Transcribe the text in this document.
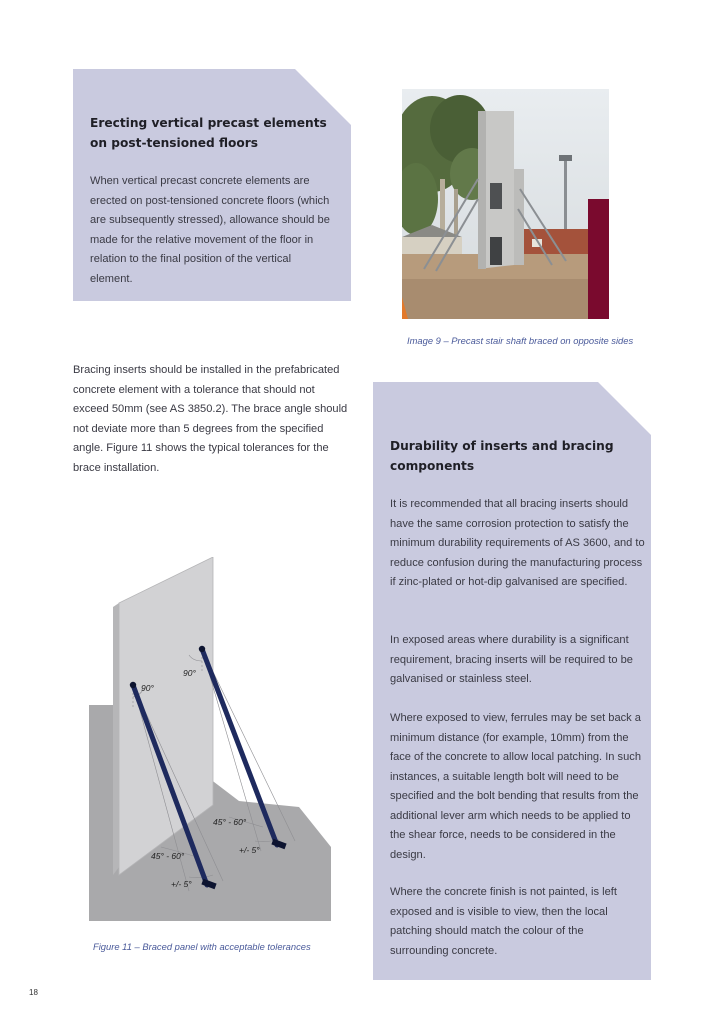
Erecting vertical precast elements on post-tensioned floors
When vertical precast concrete elements are erected on post-tensioned concrete floors (which are subsequently stressed), allowance should be made for the relative movement of the floor in relation to the final position of the vertical element.
Image 9 – Precast stair shaft braced on opposite sides
Bracing inserts should be installed in the prefabricated concrete element with a tolerance that should not exceed 50mm (see AS 3850.2). The brace angle should not deviate more than 5 degrees from the specified angle. Figure 11 shows the typical tolerances for the brace installation.
Durability of inserts and bracing components
It is recommended that all bracing inserts should have the same corrosion protection to satisfy the minimum durability requirements of AS 3600, and to reduce confusion during the manufacturing process if zinc-plated or hot-dip galvanised are specified.
In exposed areas where durability is a significant requirement, bracing inserts will be required to be galvanised or stainless steel.
Where exposed to view, ferrules may be set back a minimum distance (for example, 10mm) from the face of the concrete to allow local patching. In such instances, a suitable length bolt will need to be specified and the bolt bending that results from the additional lever arm which needs to be applied to the shear force, needs to be considered in the design.
Where the concrete finish is not painted, is left exposed and is visible to view, then the local patching should match the colour of the surrounding concrete.
90°
90°
45° - 60°
+/- 5°
45° - 60°
+/- 5°
Figure 11 – Braced panel with acceptable tolerances
18
